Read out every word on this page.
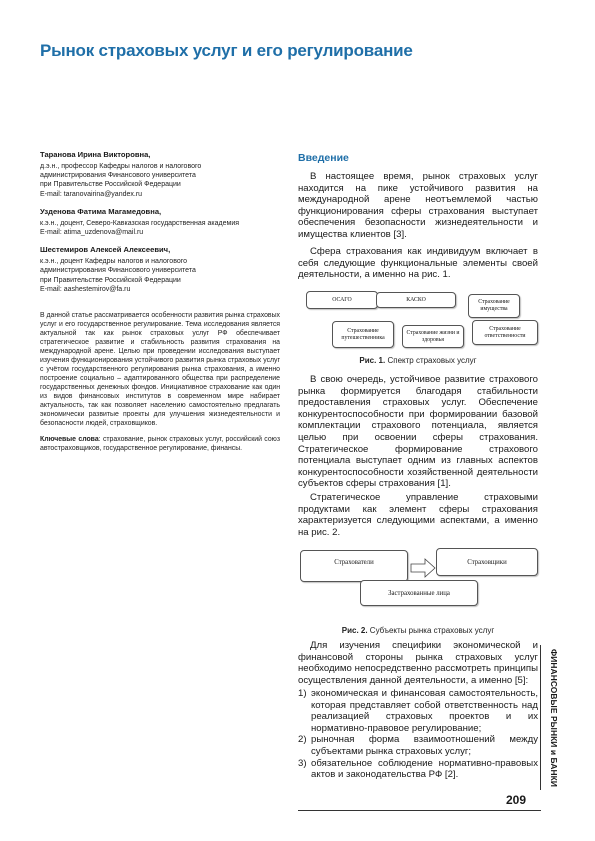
Рынок страховых услуг и его регулирование
Таранова Ирина Викторовна,
д.э.н., профессор Кафедры налогов и налогового
администрирования Финансового университета
при Правительстве Российской Федерации
E-mail: taranovairina@yandex.ru
Узденова Фатима Магамедовна,
к.э.н., доцент, Северо-Кавказская государственная академия
E-mail: atima_uzdenova@mail.ru
Шестемиров Алексей Алексеевич,
к.э.н., доцент Кафедры налогов и налогового
администрирования Финансового университета
при Правительстве Российской Федерации
E-mail: aashestemirov@fa.ru
В данной статье рассматривается особенности развития рынка страховых услуг и его государственное регулирование. Тема исследования является актуальной так как рынок страховых услуг РФ обеспечивает стратегическое развитие и стабильность развития страхования на международной арене. Целью при проведении исследования выступает изучения функционирования устойчивого развития рынка страховых услуг с учётом государственного регулирования рынка страхования, а именно построение социально – адаптированного общества при распределение государственных денежных фондов. Инициативное страхование как один из видов финансовых институтов в современном мире набирает актуальность, так как позволяет населению самостоятельно предлагать экономически развитые проекты для улучшения жизнедеятельности и безопасности людей, страховщиков.
Ключевые слова: страхование, рынок страховых услуг, российский союз автостраховщиков, государственное регулирование, финансы.
Введение
В настоящее время, рынок страховых услуг находится на пике устойчивого развития на международной арене неотъемлемой частью функционирования сферы страхования выступает обеспечения безопасности жизнедеятельности и имущества клиентов [3].
Сфера страхования как индивидуум включает в себя следующие функциональные элементы своей деятельности, а именно на рис. 1.
ОСАГО	КАСКО	Страхование имущества
Страхование путешественника
Страхование жизни и здоровья
Страхование ответственности
Рис. 1. Спектр страховых услуг
В свою очередь, устойчивое развитие страхового рынка формируется благодаря стабильности предоставления страховых услуг. Обеспечение конкурентоспособности при формировании базовой комплектации страхового потенциала, является целью при освоении сферы страхования. Стратегическое формирование страхового потенциала выступает одним из главных аспектов конкурентоспособности хозяйственной деятельности субъектов сферы страхования [1].
Стратегическое управление страховыми продуктами как элемент сферы страхования характеризуется следующими аспектами, а именно на рис. 2.
Страхователи	Страховщики
Застрахованные лица
Рис. 2. Субъекты рынка страховых услуг
Для изучения специфики экономической и финансовой стороны рынка страховых услуг необходимо непосредственно рассмотреть принципы осуществления данной деятельности, а именно [5]:
1) экономическая и финансовая самостоятельность, которая представляет собой ответственность над реализацией страховых проектов и их нормативно-правовое регулирование;
2) рыночная форма взаимоотношений между субъектами рынка страховых услуг;
3) обязательное соблюдение нормативно-правовых актов и законодательства РФ [2].	ФИНАНСОВЫЕ РЫНКИ и БАНКИ
209
